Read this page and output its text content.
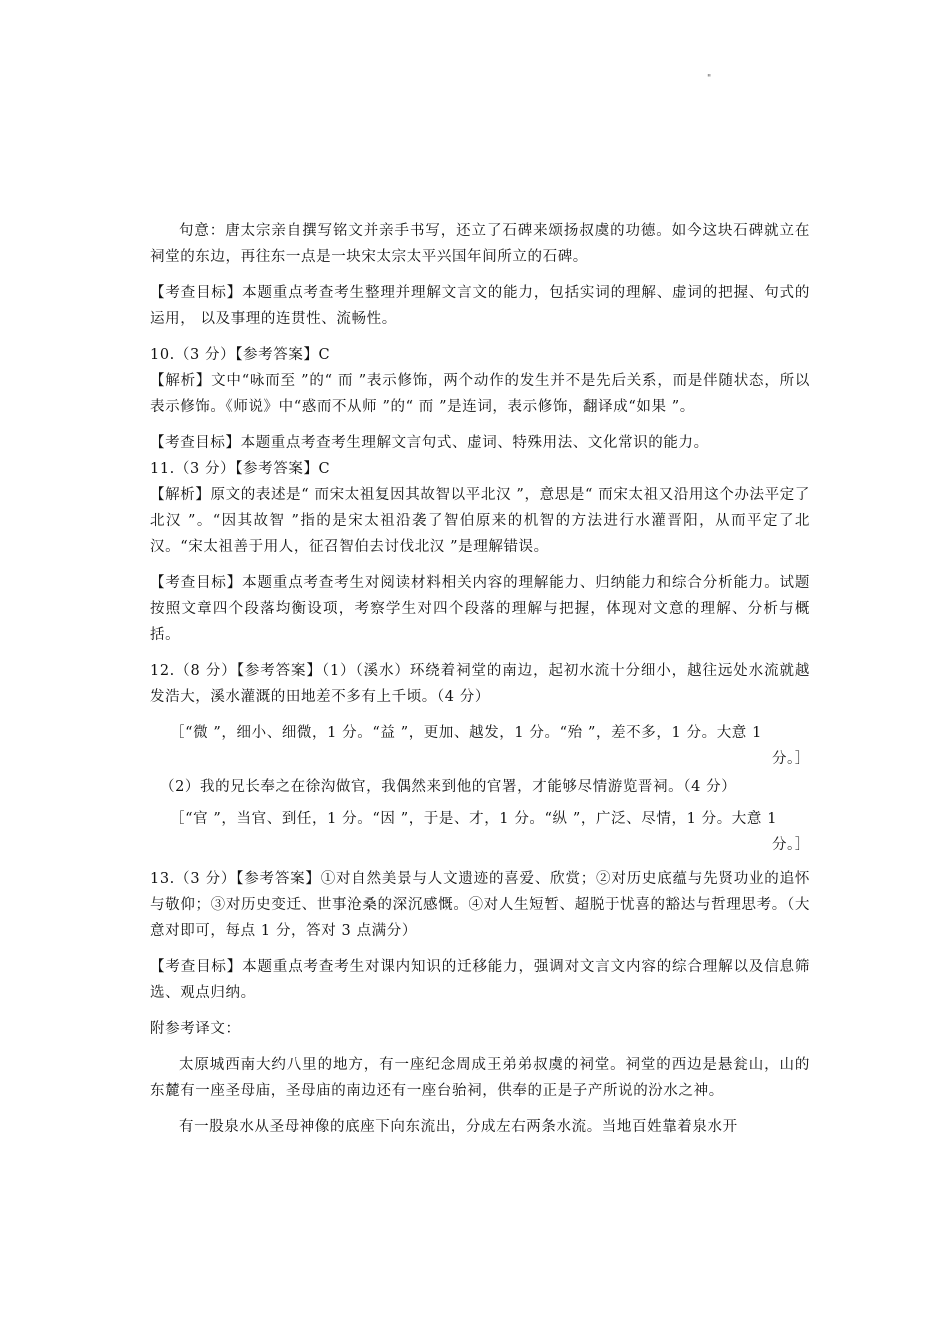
"

句意：唐太宗亲自撰写铭文并亲手书写，还立了石碑来颂扬叔虞的功德。如今这块石碑就立在祠堂的东边，再往东一点是一块宋太宗太平兴国年间所立的石碑。

【考查目标】本题重点考查考生整理并理解文言文的能力，包括实词的理解、虚词的把握、句式的运用， 以及事理的连贯性、流畅性。

10.（3 分）【参考答案】C

【解析】文中“咏而至 ”的“ 而 ”表示修饰，两个动作的发生并不是先后关系，而是伴随状态，所以表示修饰。《师说》中“惑而不从师 ”的“ 而 ”是连词，表示修饰，翻译成“如果 ”。

【考查目标】本题重点考查考生理解文言句式、虚词、特殊用法、文化常识的能力。

11.（3 分）【参考答案】C

【解析】原文的表述是“ 而宋太祖复因其故智以平北汉 ”，意思是“ 而宋太祖又沿用这个办法平定了北汉 ”。“因其故智 ”指的是宋太祖沿袭了智伯原来的机智的方法进行水灌晋阳，从而平定了北汉。“宋太祖善于用人，征召智伯去讨伐北汉 ”是理解错误。

【考查目标】本题重点考查考生对阅读材料相关内容的理解能力、归纳能力和综合分析能力。试题按照文章四个段落均衡设项，考察学生对四个段落的理解与把握，体现对文意的理解、分析与概括。

12.（8 分）【参考答案】（1）（溪水）环绕着祠堂的南边，起初水流十分细小，越往远处水流就越发浩大，溪水灌溉的田地差不多有上千顷。（4 分）

［“微 ”，细小、细微，1 分。“益 ”，更加、越发，1 分。“殆 ”，差不多，1 分。大意 1

分。］

（2）我的兄长奉之在徐沟做官，我偶然来到他的官署，才能够尽情游览晋祠。（4 分）

［“官 ”，当官、到任，1 分。“因 ”，于是、才，1 分。“纵 ”，广泛、尽情，1 分。大意 1

分。］

13.（3 分）【参考答案】①对自然美景与人文遗迹的喜爱、欣赏；②对历史底蕴与先贤功业的追怀与敬仰；③对历史变迁、世事沧桑的深沉感慨。④对人生短暂、超脱于忧喜的豁达与哲理思考。（大意对即可，每点 1 分，答对 3 点满分）

【考查目标】本题重点考查考生对课内知识的迁移能力，强调对文言文内容的综合理解以及信息筛选、观点归纳。

附参考译文：

太原城西南大约八里的地方，有一座纪念周成王弟弟叔虞的祠堂。祠堂的西边是悬瓮山，山的东麓有一座圣母庙，圣母庙的南边还有一座台骀祠，供奉的正是子产所说的汾水之神。

有一股泉水从圣母神像的底座下向东流出，分成左右两条水流。当地百姓靠着泉水开
